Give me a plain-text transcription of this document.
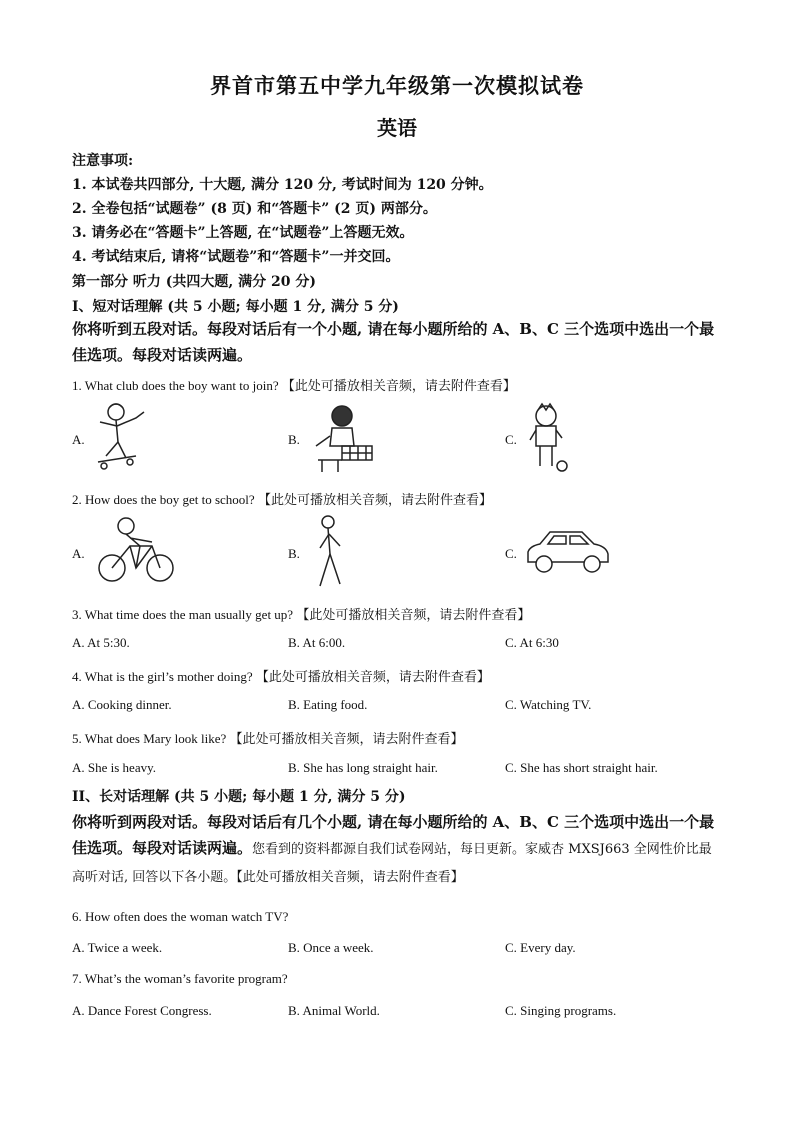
界首市第五中学九年级第一次模拟试卷
英语
注意事项:
1. 本试卷共四部分, 十大题, 满分 120 分, 考试时间为 120 分钟。
2. 全卷包括“试题卷” (8 页) 和“答题卡” (2 页) 两部分。
3. 请务必在“答题卡”上答题, 在“试题卷”上答题无效。
4. 考试结束后, 请将“试题卷”和“答题卡”一并交回。
第一部分 听力 (共四大题, 满分 20 分)
I、短对话理解 (共 5 小题; 每小题 1 分, 满分 5 分)
你将听到五段对话。每段对话后有一个小题, 请在每小题所给的 A、B、C 三个选项中选出一个最佳选项。每段对话读两遍。
1. What club does the boy want to join? 【此处可播放相关音频，请去附件查看】
A.	B.	C.
2. How does the boy get to school? 【此处可播放相关音频，请去附件查看】
A.	B.	C.
3. What time does the man usually get up? 【此处可播放相关音频，请去附件查看】
A. At 5:30.	B. At 6:00.	C. At 6:30
4. What is the girl’s mother doing? 【此处可播放相关音频，请去附件查看】
A. Cooking dinner.	B. Eating food.	C. Watching TV.
5. What does Mary look like? 【此处可播放相关音频，请去附件查看】
A. She is heavy.	B. She has long straight hair.	C. She has short straight hair.
II、长对话理解 (共 5 小题; 每小题 1 分, 满分 5 分)
你将听到两段对话。每段对话后有几个小题, 请在每小题所给的 A、B、C 三个选项中选出一个最佳选项。每段对话读两遍。您看到的资料都源自我们试卷网站，每日更新。家威杏 MXSJ663 全网性价比最高听对话, 回答以下各小题。【此处可播放相关音频，请去附件查看】
6. How often does the woman watch TV?
A. Twice a week.	B. Once a week.	C. Every day.
7. What’s the woman’s favorite program?
A. Dance Forest Congress.	B. Animal World.	C. Singing programs.
